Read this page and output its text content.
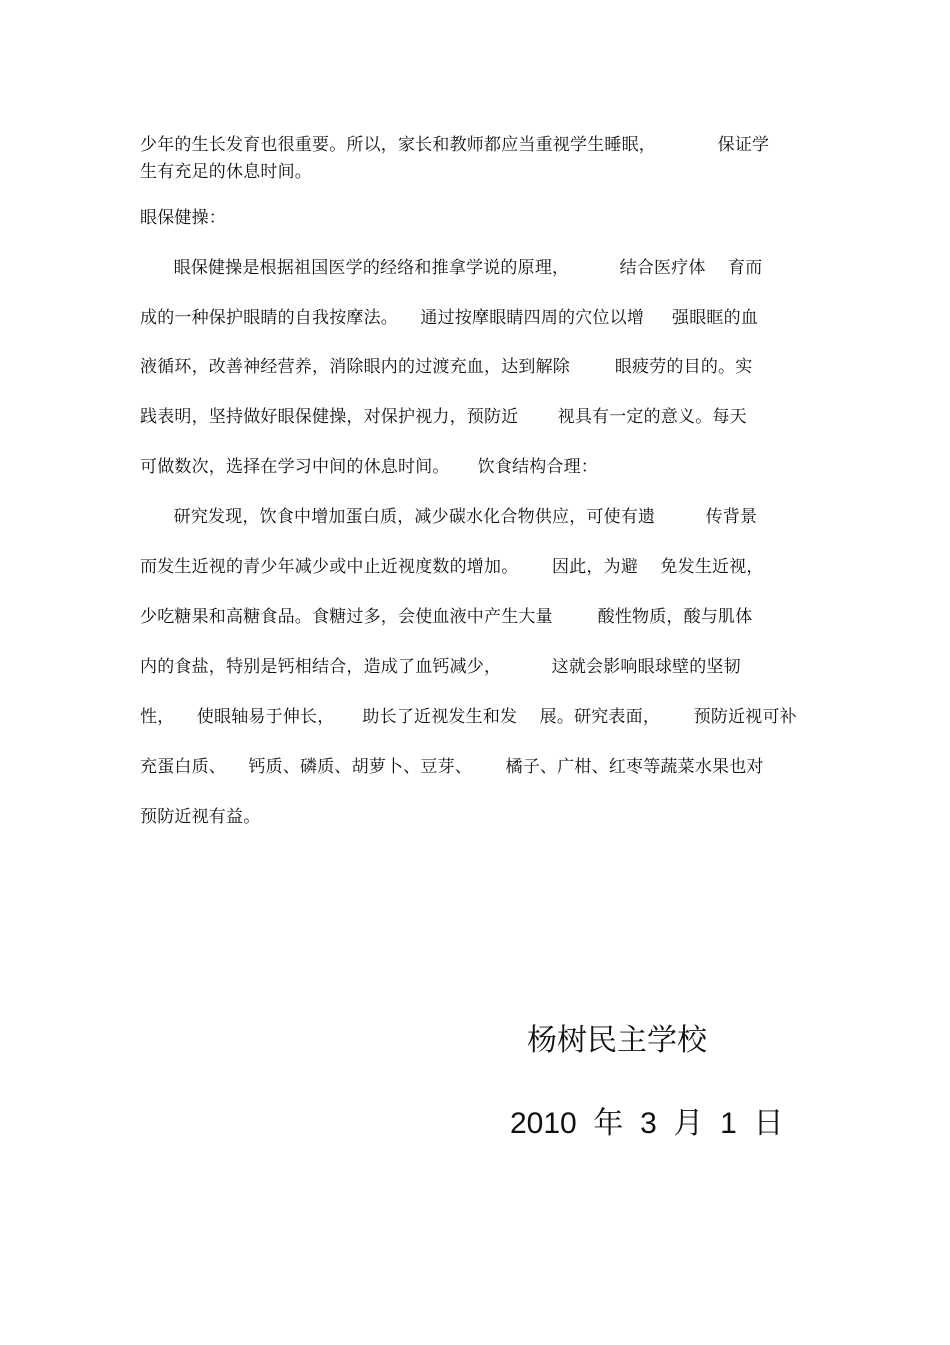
少年的生长发育也很重要。所以，家长和教师都应当重视学生睡眠，           保证学
生有充足的休息时间。
眼保健操：
眼保健操是根据祖国医学的经络和推拿学说的原理，         结合医疗体    育而
成的一种保护眼睛的自我按摩法。    通过按摩眼睛四周的穴位以增     强眼眶的血
液循环，改善神经营养，消除眼内的过渡充血，达到解除        眼疲劳的目的。实
践表明，坚持做好眼保健操，对保护视力，预防近       视具有一定的意义。每天
可做数次，选择在学习中间的休息时间。     饮食结构合理：
研究发现，饮食中增加蛋白质，减少碳水化合物供应，可使有遗         传背景
而发生近视的青少年减少或中止近视度数的增加。      因此，为避    免发生近视，
少吃糖果和高糖食品。食糖过多，会使血液中产生大量        酸性物质，酸与肌体
内的食盐，特别是钙相结合，造成了血钙减少，         这就会影响眼球壁的坚韧
性，    使眼轴易于伸长，     助长了近视发生和发    展。研究表面，      预防近视可补
充蛋白质、    钙质、磷质、胡萝卜、豆芽、      橘子、广柑、红枣等蔬菜水果也对
预防近视有益。
杨树民主学校
2010  年  3  月  1  日
